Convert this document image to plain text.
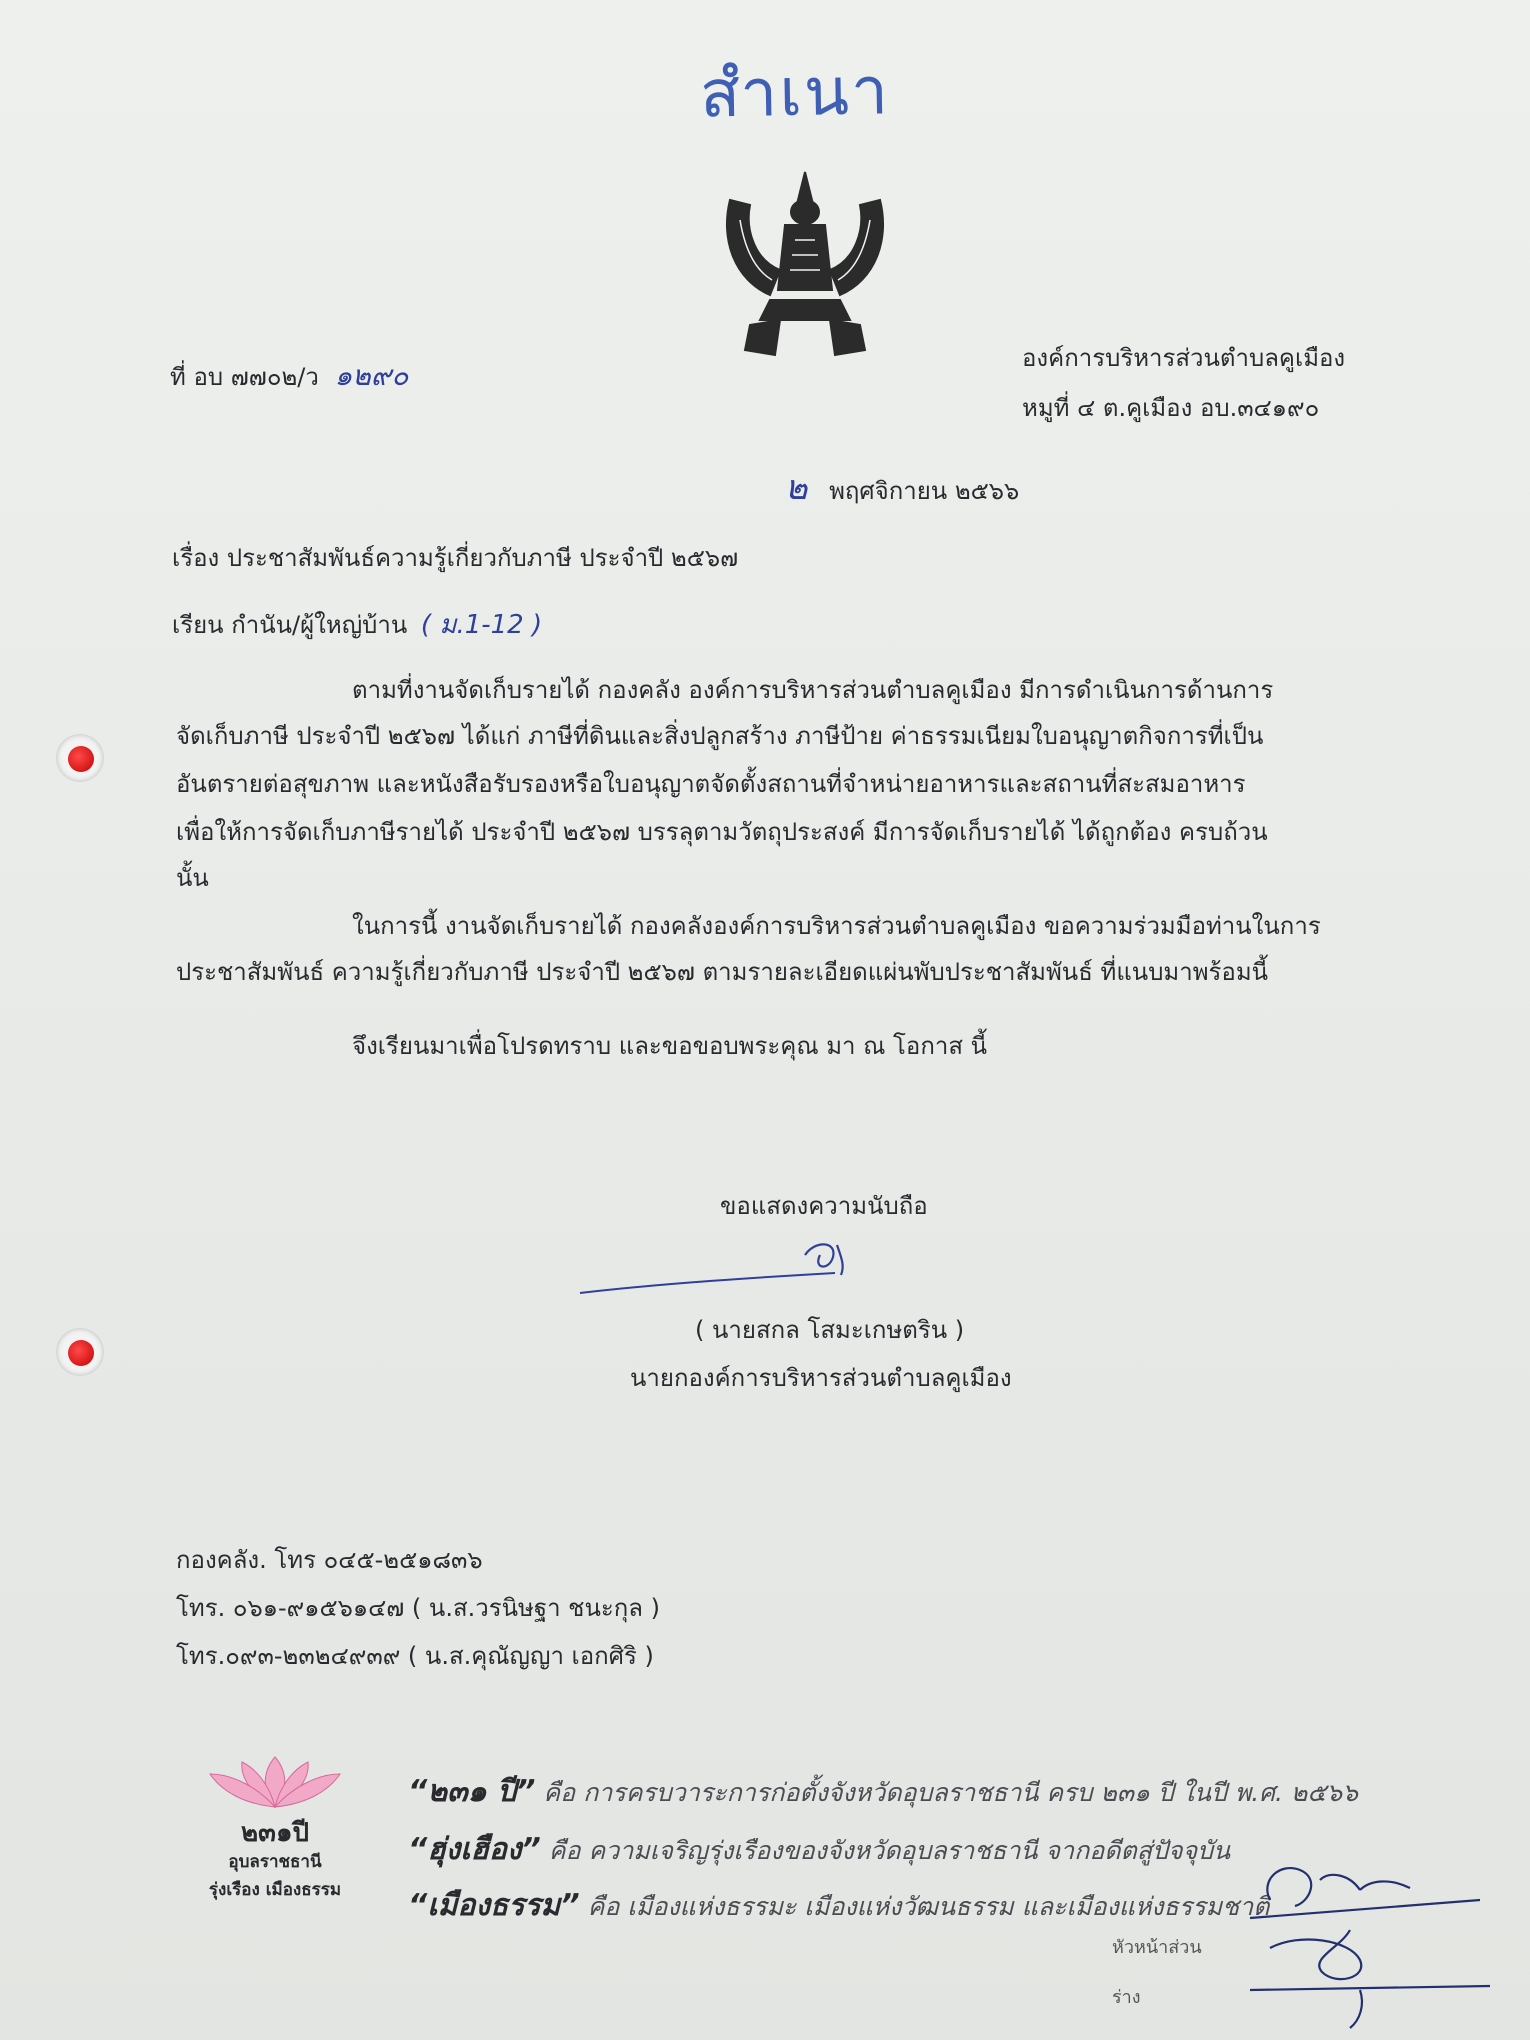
สำเนา
ที่ อบ ๗๗๐๒/ว ๑๒๙๐
องค์การบริหารส่วนตำบลคูเมือง
หมูที่ ๔ ต.คูเมือง อบ.๓๔๑๙๐
๒ พฤศจิกายน ๒๕๖๖
เรื่อง ประชาสัมพันธ์ความรู้เกี่ยวกับภาษี ประจำปี ๒๕๖๗
เรียน กำนัน/ผู้ใหญ่บ้าน ( ม.1-12 )
ตามที่งานจัดเก็บรายได้ กองคลัง องค์การบริหารส่วนตำบลคูเมือง มีการดำเนินการด้านการ
จัดเก็บภาษี ประจำปี ๒๕๖๗ ได้แก่ ภาษีที่ดินและสิ่งปลูกสร้าง ภาษีป้าย ค่าธรรมเนียมใบอนุญาตกิจการที่เป็น
อันตรายต่อสุขภาพ และหนังสือรับรองหรือใบอนุญาตจัดตั้งสถานที่จำหน่ายอาหารและสถานที่สะสมอาหาร
เพื่อให้การจัดเก็บภาษีรายได้ ประจำปี ๒๕๖๗ บรรลุตามวัตถุประสงค์ มีการจัดเก็บรายได้ ได้ถูกต้อง ครบถ้วน
นั้น
ในการนี้ งานจัดเก็บรายได้ กองคลังองค์การบริหารส่วนตำบลคูเมือง ขอความร่วมมือท่านในการ
ประชาสัมพันธ์ ความรู้เกี่ยวกับภาษี ประจำปี ๒๕๖๗ ตามรายละเอียดแผ่นพับประชาสัมพันธ์ ที่แนบมาพร้อมนี้
จึงเรียนมาเพื่อโปรดทราบ และขอขอบพระคุณ มา ณ โอกาส นี้
ขอแสดงความนับถือ
( นายสกล โสมะเกษตริน )
นายกองค์การบริหารส่วนตำบลคูเมือง
กองคลัง. โทร ๐๔๕-๒๕๑๘๓๖
โทร. ๐๖๑-๙๑๕๖๑๔๗ ( น.ส.วรนิษฐา ชนะกุล )
โทร.๐๙๓-๒๓๒๔๙๓๙ ( น.ส.คุณัญญา เอกศิริ )
๒๓๑ปี
อุบลราชธานี
รุ่งเรือง เมืองธรรม
“๒๓๑ ปี” คือ การครบวาระการก่อตั้งจังหวัดอุบลราชธานี ครบ ๒๓๑ ปี ในปี พ.ศ. ๒๕๖๖
“ฮุ่งเฮือง” คือ ความเจริญรุ่งเรืองของจังหวัดอุบลราชธานี จากอดีตสู่ปัจจุบัน
“เมืองธรรม” คือ เมืองแห่งธรรมะ เมืองแห่งวัฒนธรรม และเมืองแห่งธรรมชาติ
หัวหน้าส่วน
ร่าง
